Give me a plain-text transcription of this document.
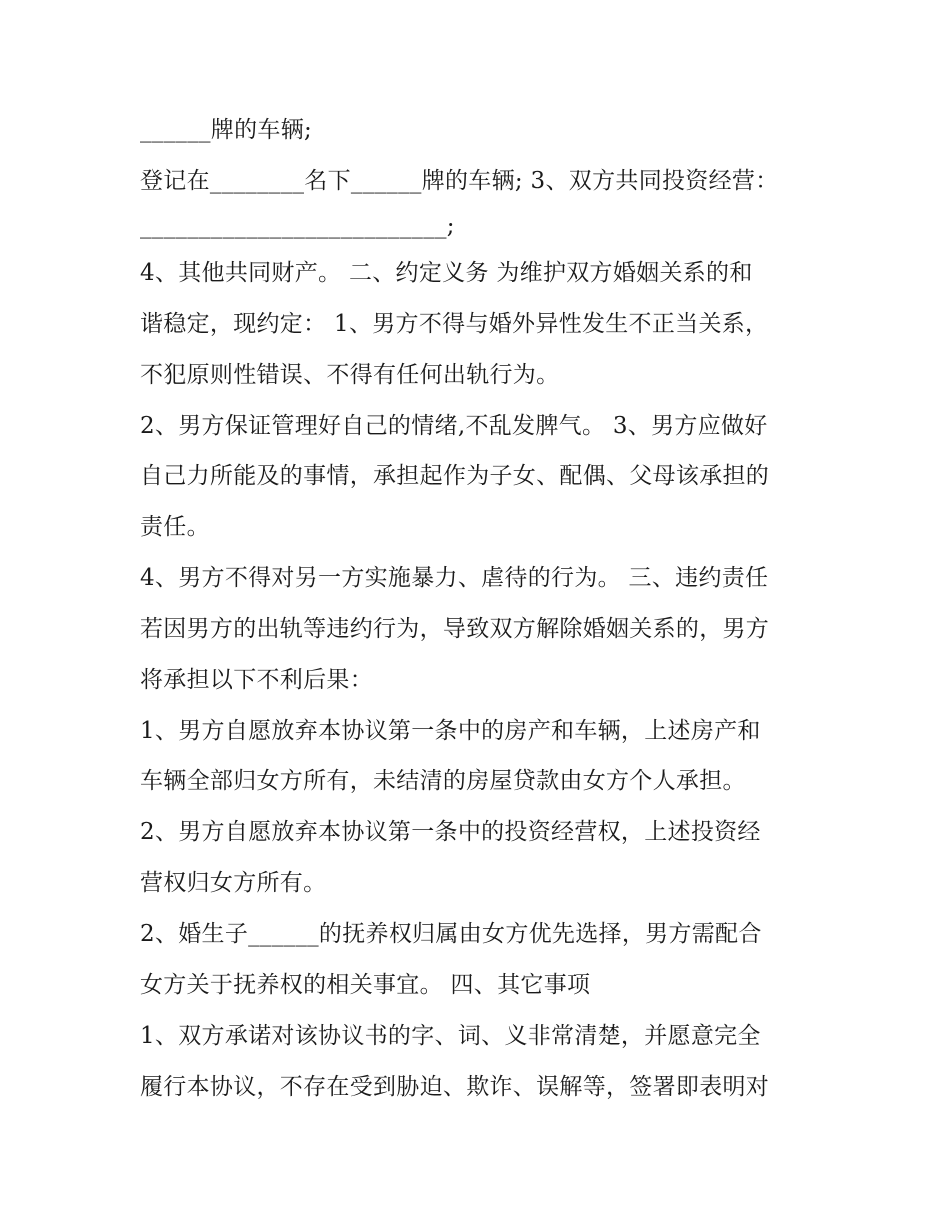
______牌的车辆;
登记在________名下______牌的车辆; 3、双方共同投资经营：
__________________________;
4、其他共同财产。 二、约定义务 为维护双方婚姻关系的和
谐稳定，现约定： 1、男方不得与婚外异性发生不正当关系，
不犯原则性错误、不得有任何出轨行为。
2、男方保证管理好自己的情绪,不乱发脾气。 3、男方应做好
自己力所能及的事情，承担起作为子女、配偶、父母该承担的
责任。
4、男方不得对另一方实施暴力、虐待的行为。 三、违约责任
若因男方的出轨等违约行为，导致双方解除婚姻关系的，男方
将承担以下不利后果：
1、男方自愿放弃本协议第一条中的房产和车辆，上述房产和
车辆全部归女方所有，未结清的房屋贷款由女方个人承担。
2、男方自愿放弃本协议第一条中的投资经营权，上述投资经
营权归女方所有。
2、婚生子______的抚养权归属由女方优先选择，男方需配合
女方关于抚养权的相关事宜。 四、其它事项
1、双方承诺对该协议书的字、词、义非常清楚，并愿意完全
履行本协议，不存在受到胁迫、欺诈、误解等，签署即表明对
